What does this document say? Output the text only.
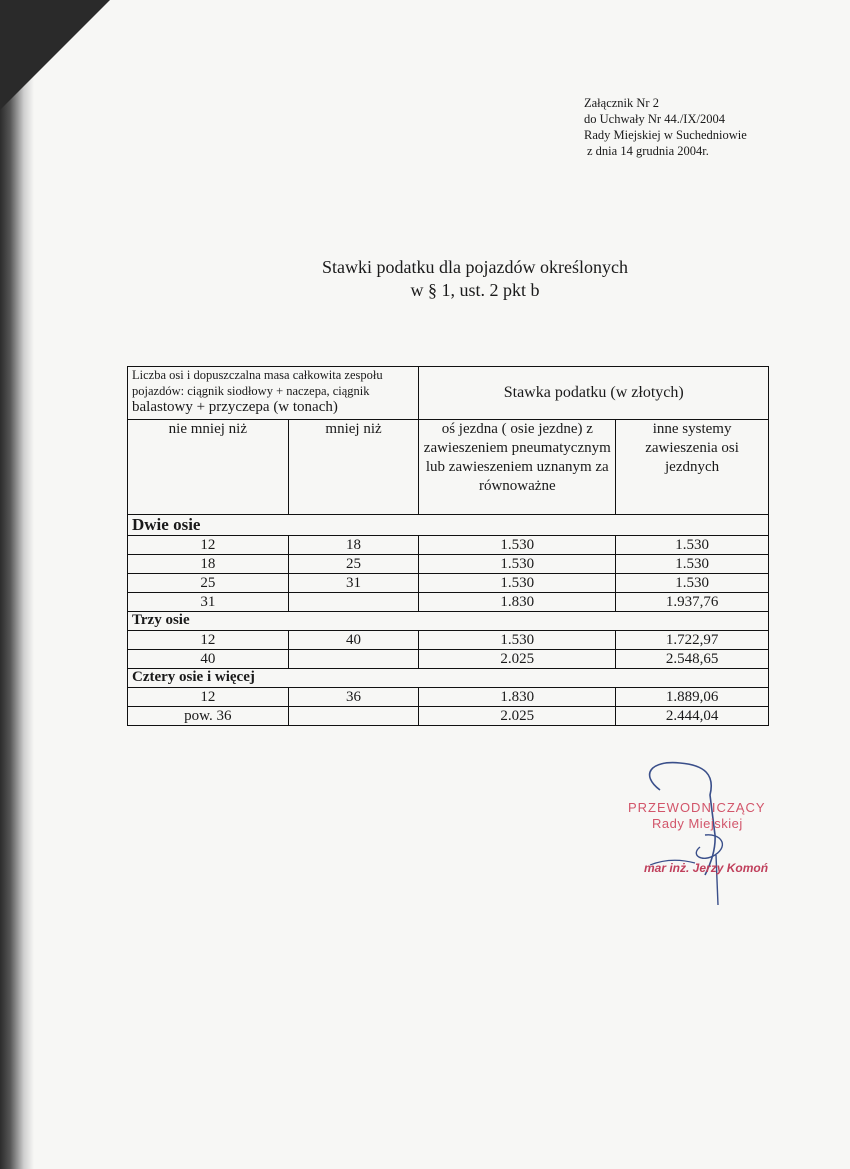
Załącznik Nr 2
do Uchwały Nr 44./IX/2004
Rady Miejskiej w Suchedniowie
z dnia 14 grudnia 2004r.
Stawki podatku dla pojazdów określonych
w § 1, ust. 2 pkt b
Liczba osi i dopuszczalna masa całkowita zespołu
pojazdów: ciągnik siodłowy + naczepa, ciągnik
balastowy + przyczepa (w tonach)		Stawka podatku (w złotych)	
nie mniej niż	mniej niż	oś jezdna ( osie jezdne) z zawieszeniem pneumatycznym lub zawieszeniem uznanym za równoważne	inne systemy zawieszenia osi jezdnych
Dwie osie			
12	18	1.530	1.530
18	25	1.530	1.530
25	31	1.530	1.530
31		1.830	1.937,76
Trzy osie			
12	40	1.530	1.722,97
40		2.025	2.548,65
Cztery osie i więcej			
12	36	1.830	1.889,06
pow. 36		2.025	2.444,04
PRZEWODNICZĄCY
Rady Miejskiej
mar inż. Jerzy Komoń
